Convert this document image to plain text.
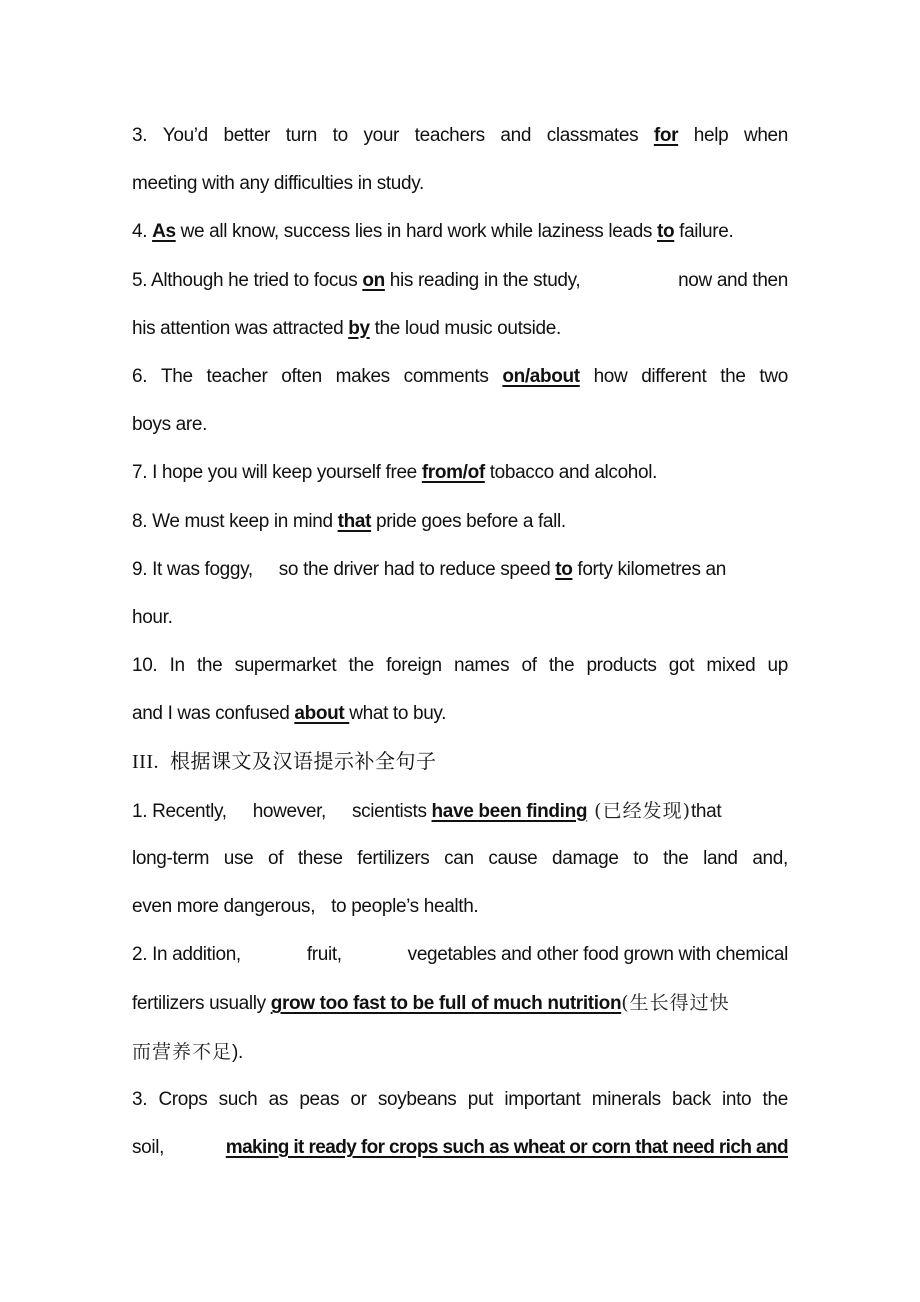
3. You’d better turn to your teachers and classmates for help when
meeting with any difficulties in study.
4. As we all know, success lies in hard work while laziness leads to failure.
5. Although he tried to focus on his reading in the study,	now and then
his attention was attracted by the loud music outside.
6. The teacher often makes comments on/about how different the two
boys are.
7. I hope you will keep yourself free from/of tobacco and alcohol.
8. We must keep in mind that pride goes before a fall.
9. It was foggy, so the driver had to reduce speed to forty kilometres an
hour.
10. In the supermarket the foreign names of the products got mixed up
and I was confused about what to buy.
III.  根据课文及汉语提示补全句子
1. Recently, however, scientists have been finding (已经发现)that
long-term use of these fertilizers can cause damage to the land and,
even more dangerous, to people’s health.
2. In addition,	fruit,	vegetables and other food grown with chemical
fertilizers usually grow too fast to be full of much nutrition(生长得过快
而营养不足).
3. Crops such as peas or soybeans put important minerals back into the
soil,	making it ready for crops such as wheat or corn that need rich and
